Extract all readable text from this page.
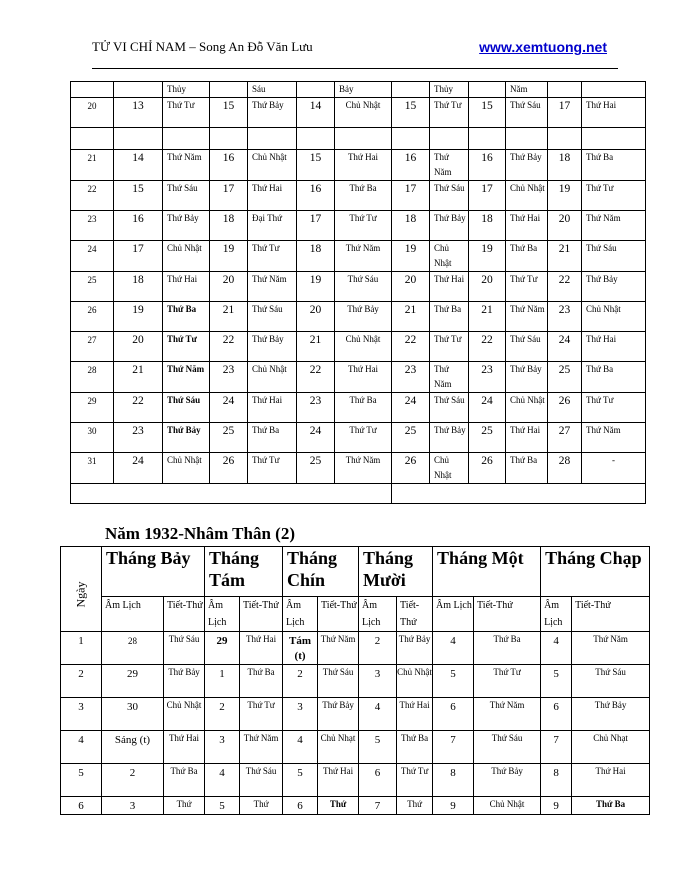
TỬ VI CHỈ NAM – Song An Đỗ Văn Lưu	www.xemtuong.net
		Thủy		Sáu		Bảy		Thủy		Năm		
20	13	Thứ Tư	15	Thứ Bảy	14	Chủ Nhật	15	Thứ Tư	15	Thứ Sáu	17	Thứ Hai

21	14	Thứ Năm	16	Chủ Nhật	15	Thứ Hai	16	Thứ Năm	16	Thứ Bảy	18	Thứ Ba
22	15	Thứ Sáu	17	Thứ Hai	16	Thứ Ba	17	Thứ Sáu	17	Chủ Nhật	19	Thứ Tư
23	16	Thứ Bảy	18	Đại Thứ	17	Thứ Tư	18	Thứ Bảy	18	Thứ Hai	20	Thứ Năm
24	17	Chủ Nhật	19	Thứ Tư	18	Thứ Năm	19	Chủ Nhật	19	Thứ Ba	21	Thứ Sáu
25	18	Thứ Hai	20	Thứ Năm	19	Thứ Sáu	20	Thứ Hai	20	Thứ Tư	22	Thứ Bảy
26	19	Thứ Ba	21	Thứ Sáu	20	Thứ Bảy	21	Thứ Ba	21	Thứ Năm	23	Chủ Nhật
27	20	Thứ Tư	22	Thứ Bảy	21	Chủ Nhật	22	Thứ Tư	22	Thứ Sáu	24	Thứ Hai
28	21	Thứ Năm	23	Chủ Nhật	22	Thứ Hai	23	Thứ Năm	23	Thứ Bảy	25	Thứ Ba
29	22	Thứ Sáu	24	Thứ Hai	23	Thứ Ba	24	Thứ Sáu	24	Chủ Nhật	26	Thứ Tư
30	23	Thứ Bảy	25	Thứ Ba	24	Thứ Tư	25	Thứ Bảy	25	Thứ Hai	27	Thứ Năm
31	24	Chủ Nhật	26	Thứ Tư	25	Thứ Năm	26	Chủ Nhật	26	Thứ Ba	28	-

Năm 1932-Nhâm Thân (2)
Ngày	Tháng Bảy		Tháng Tám		Tháng Chín		Tháng Mười		Tháng Một		Tháng Chạp	
	Âm Lịch	Tiết-Thứ	Âm Lịch	Tiết-Thứ	Âm Lịch	Tiết-Thứ	Âm Lịch	Tiết-Thứ	Âm Lịch	Tiết-Thứ	Âm Lịch	Tiết-Thứ
1	28	Thứ Sáu	29	Thứ Hai	Tám (t)	Thứ Năm	2	Thứ Bảy	4	Thứ Ba	4	Thứ Năm
2	29	Thứ Bảy	1	Thứ Ba	2	Thứ Sáu	3	Chủ Nhật	5	Thứ Tư	5	Thứ Sáu
3	30	Chủ Nhật	2	Thứ Tư	3	Thứ Bảy	4	Thứ Hai	6	Thứ Năm	6	Thứ Bảy
4	Sáng (t)	Thứ Hai	3	Thứ Năm	4	Chủ Nhạt	5	Thứ Ba	7	Thứ Sáu	7	Chủ Nhạt
5	2	Thứ Ba	4	Thứ Sáu	5	Thứ Hai	6	Thứ Tư	8	Thứ Bảy	8	Thứ Hai
6	3	Thứ	5	Thứ	6	Thứ	7	Thứ	9	Chủ Nhật	9	Thứ Ba
